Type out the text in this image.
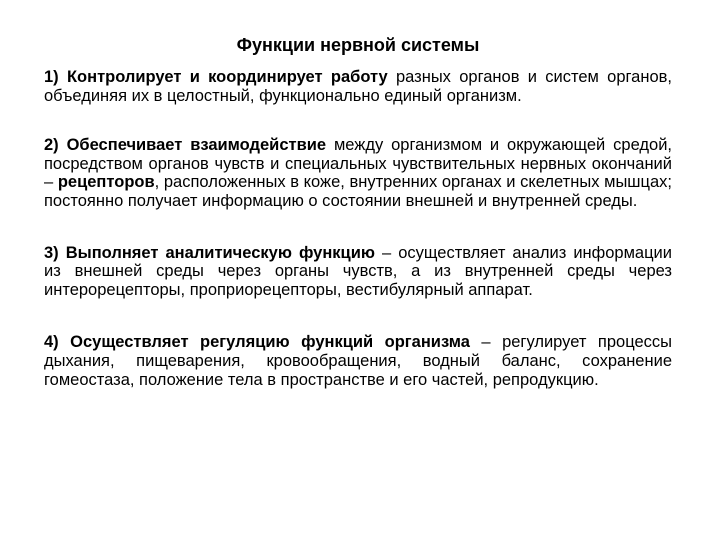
Функции нервной системы

1) Контролирует и координирует работу разных органов и систем органов, объединяя их в целостный, функционально единый организм.

2) Обеспечивает взаимодействие между организмом и окружающей средой, посредством органов чувств и специальных чувствительных нервных окончаний – рецепторов, расположенных в коже, внутренних органах и скелетных мышцах; постоянно получает информацию о состоянии внешней и внутренней среды.

3) Выполняет аналитическую функцию – осуществляет анализ информации из внешней среды через органы чувств, а из внутренней среды через интерорецепторы, проприорецепторы, вестибулярный аппарат.

4) Осуществляет регуляцию функций организма – регулирует процессы дыхания, пищеварения, кровообращения, водный баланс, сохранение гомеостаза, положение тела в пространстве и его частей, репродукцию.
